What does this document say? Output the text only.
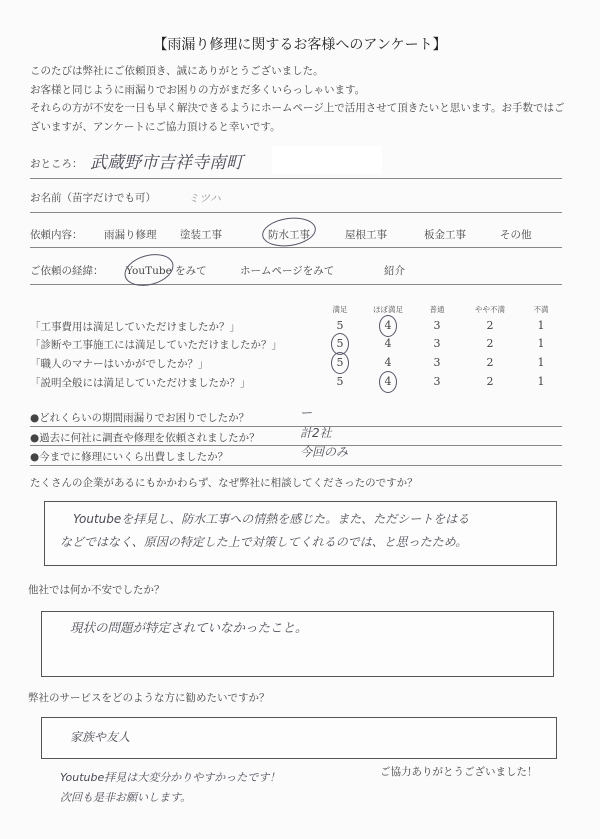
【雨漏り修理に関するお客様へのアンケート】
このたびは弊社にご依頼頂き、誠にありがとうございました。
お客様と同じように雨漏りでお困りの方がまだ多くいらっしゃいます。
それらの方が不安を一日も早く解決できるようにホームページ上で活用させて頂きたいと思います。お手数ではご
ざいますが、アンケートにご協力頂けると幸いです。
おところ： 武蔵野市吉祥寺南町
お名前（苗字だけでも可）	ミツハ
依頼内容：
ご依頼の経緯：
たくさんの企業があるにもかかわらず、なぜ弊社に相談してくださったのですか？
Youtubeを拝見し、防水工事への情熱を感じた。また、ただシートをはる
などではなく、原因の特定した上で対策してくれるのでは、と思ったため。
他社では何か不安でしたか？
現状の問題が特定されていなかったこと。
弊社のサービスをどのような方に勧めたいですか？
家族や友人
ご協力ありがとうございました！
Youtube拝見は大変分かりやすかったです！
次回も是非お願いします。
雨漏り修理 塗装工事	防水工事	屋根工事	板金工事	その他
YouTube をみて	ホームページをみて	紹介
満足	ほぼ満足	普通	やや不満	不満
「工事費用は満足していただけましたか？」	5	4	3	2	1
「診断や工事施工には満足していただけましたか？」	5	4	3	2	1
「職人のマナーはいかがでしたか？」	5	4	3	2	1
「説明全般には満足していただけましたか？」	5	4	3	2	1
●どれくらいの期間雨漏りでお困りでしたか？	ー
●過去に何社に調査や修理を依頼されましたか？	計2社
●今までに修理にいくら出費しましたか？	今回のみ
